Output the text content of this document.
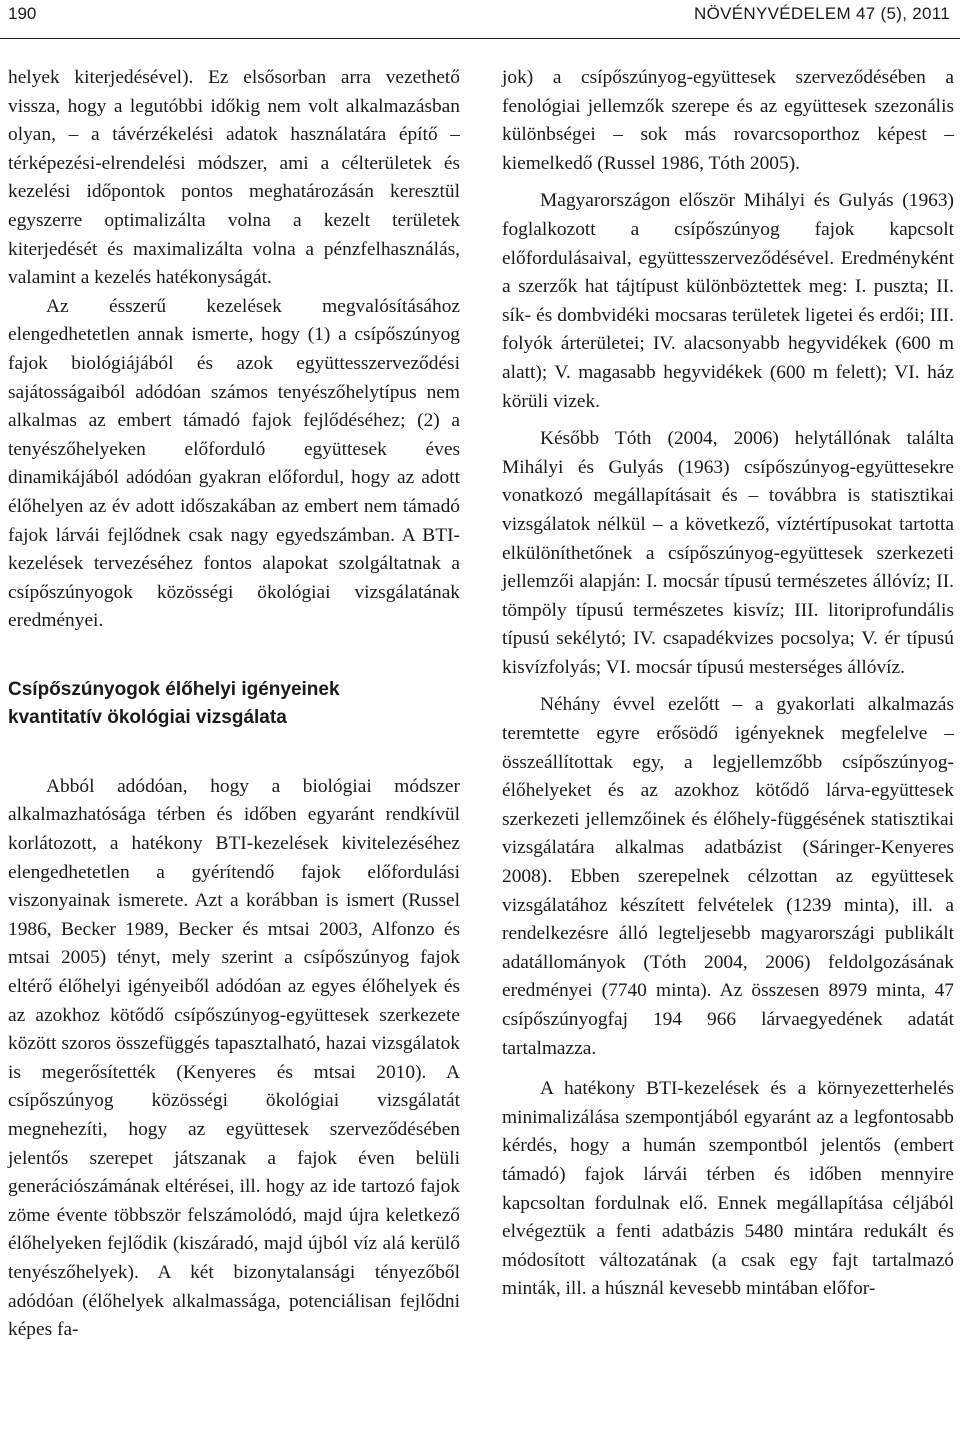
190	NÖVÉNYVÉDELEM 47 (5), 2011

helyek kiterjedésével). Ez elsősorban arra vezethető vissza, hogy a legutóbbi időkig nem volt alkalmazásban olyan, – a távérzékelési adatok használatára építő – térképezési-elrendelési módszer, ami a célterületek és kezelési időpontok pontos meghatározásán keresztül egyszerre optimalizálta volna a kezelt területek kiterjedését és maximalizálta volna a pénzfelhasználás, valamint a kezelés hatékonyságát.

Az ésszerű kezelések megvalósításához elengedhetetlen annak ismerte, hogy (1) a csípőszúnyog fajok biológiájából és azok együttesszerveződési sajátosságaiból adódóan számos tenyészőhelytípus nem alkalmas az embert támadó fajok fejlődéséhez; (2) a tenyészőhelyeken előforduló együttesek éves dinamikájából adódóan gyakran előfordul, hogy az adott élőhelyen az év adott időszakában az embert nem támadó fajok lárvái fejlődnek csak nagy egyedszámban. A BTI-kezelések tervezéséhez fontos alapokat szolgáltatnak a csípőszúnyogok közösségi ökológiai vizsgálatának eredményei.

Csípőszúnyogok élőhelyi igényeinek
kvantitatív ökológiai vizsgálata

Abból adódóan, hogy a biológiai módszer alkalmazhatósága térben és időben egyaránt rendkívül korlátozott, a hatékony BTI-kezelések kivitelezéséhez elengedhetetlen a gyérítendő fajok előfordulási viszonyainak ismerete. Azt a korábban is ismert (Russel 1986, Becker 1989, Becker és mtsai 2003, Alfonzo és mtsai 2005) tényt, mely szerint a csípőszúnyog fajok eltérő élőhelyi igényeiből adódóan az egyes élőhelyek és az azokhoz kötődő csípőszúnyog-együttesek szerkezete között szoros összefüggés tapasztalható, hazai vizsgálatok is megerősítették (Kenyeres és mtsai 2010). A csípőszúnyog közösségi ökológiai vizsgálatát megnehezíti, hogy az együttesek szerveződésében jelentős szerepet játszanak a fajok éven belüli generációszámának eltérései, ill. hogy az ide tartozó fajok zöme évente többször felszámolódó, majd újra keletkező élőhelyeken fejlődik (kiszáradó, majd újból víz alá kerülő tenyészőhelyek). A két bizonytalansági tényezőből adódóan (élőhelyek alkalmassága, potenciálisan fejlődni képes fa-

jok) a csípőszúnyog-együttesek szerveződésében a fenológiai jellemzők szerepe és az együttesek szezonális különbségei – sok más rovarcsoporthoz képest – kiemelkedő (Russel 1986, Tóth 2005).

Magyarországon először Mihályi és Gulyás (1963) foglalkozott a csípőszúnyog fajok kapcsolt előfordulásaival, együttesszerveződésével. Eredményként a szerzők hat tájtípust különböztettek meg: I. puszta; II. sík- és dombvidéki mocsaras területek ligetei és erdői; III. folyók árterületei; IV. alacsonyabb hegyvidékek (600 m alatt); V. magasabb hegyvidékek (600 m felett); VI. ház körüli vizek.

Később Tóth (2004, 2006) helytállónak találta Mihályi és Gulyás (1963) csípőszúnyog-együttesekre vonatkozó megállapításait és – továbbra is statisztikai vizsgálatok nélkül – a következő, víztértípusokat tartotta elkülöníthetőnek a csípőszúnyog-együttesek szerkezeti jellemzői alapján: I. mocsár típusú természetes állóvíz; II. tömpöly típusú természetes kisvíz; III. litoriprofundális típusú sekélytó; IV. csapadékvizes pocsolya; V. ér típusú kisvízfolyás; VI. mocsár típusú mesterséges állóvíz.

Néhány évvel ezelőtt – a gyakorlati alkalmazás teremtette egyre erősödő igényeknek megfelelve – összeállítottak egy, a legjellemzőbb csípőszúnyog-élőhelyeket és az azokhoz kötődő lárva-együttesek szerkezeti jellemzőinek és élőhely-függésének statisztikai vizsgálatára alkalmas adatbázist (Sáringer-Kenyeres 2008). Ebben szerepelnek célzottan az együttesek vizsgálatához készített felvételek (1239 minta), ill. a rendelkezésre álló legteljesebb magyarországi publikált adatállományok (Tóth 2004, 2006) feldolgozásának eredményei (7740 minta). Az összesen 8979 minta, 47 csípőszúnyogfaj 194 966 lárvaegyedének adatát tartalmazza.

A hatékony BTI-kezelések és a környezetterhelés minimalizálása szempontjából egyaránt az a legfontosabb kérdés, hogy a humán szempontból jelentős (embert támadó) fajok lárvái térben és időben mennyire kapcsoltan fordulnak elő. Ennek megállapítása céljából elvégeztük a fenti adatbázis 5480 mintára redukált és módosított változatának (a csak egy fajt tartalmazó minták, ill. a húsznál kevesebb mintában előfor-
